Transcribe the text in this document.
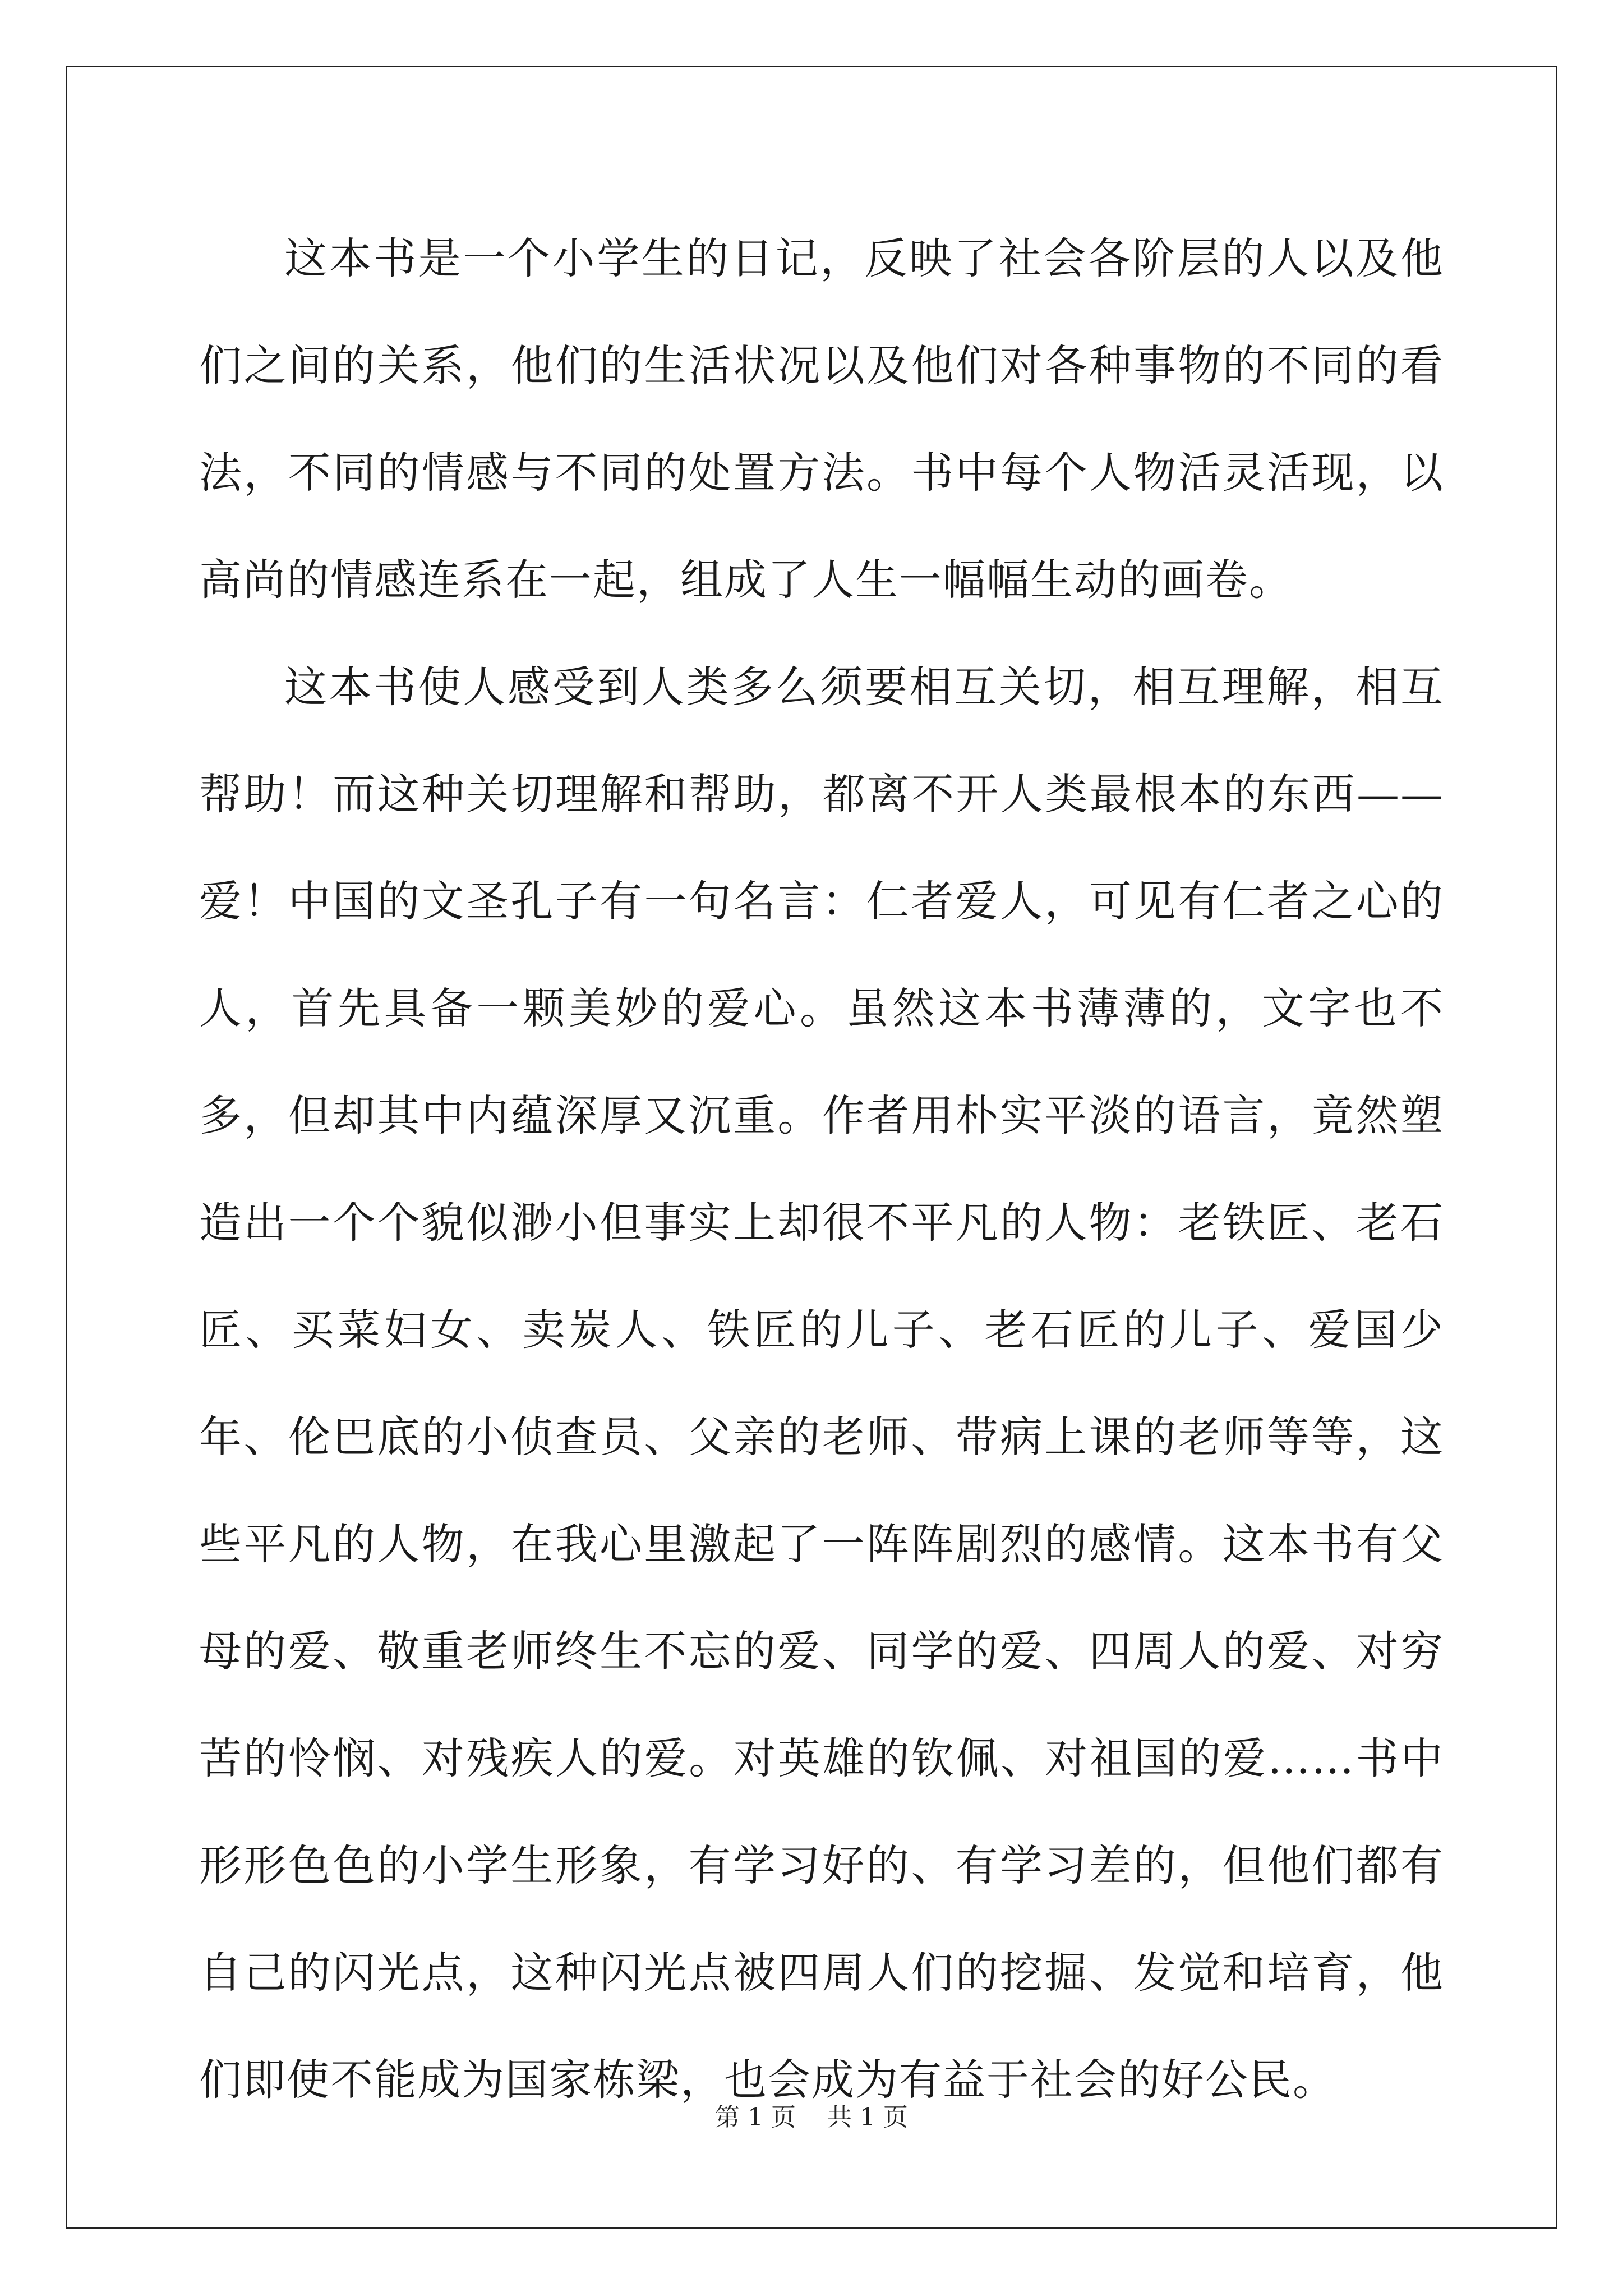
这本书是一个小学生的日记，反映了社会各阶层的人以及他们之间的关系，他们的生活状况以及他们对各种事物的不同的看法，不同的情感与不同的处置方法。书中每个人物活灵活现，以高尚的情感连系在一起，组成了人生一幅幅生动的画卷。

这本书使人感受到人类多么须要相互关切，相互理解，相互帮助！而这种关切理解和帮助，都离不开人类最根本的东西——爱！中国的文圣孔子有一句名言：仁者爱人，可见有仁者之心的人，首先具备一颗美妙的爱心。虽然这本书薄薄的，文字也不多，但却其中内蕴深厚又沉重。作者用朴实平淡的语言，竟然塑造出一个个貌似渺小但事实上却很不平凡的人物：老铁匠、老石匠、买菜妇女、卖炭人、铁匠的儿子、老石匠的儿子、爱国少年、伦巴底的小侦查员、父亲的老师、带病上课的老师等等，这些平凡的人物，在我心里激起了一阵阵剧烈的感情。这本书有父母的爱、敬重老师终生不忘的爱、同学的爱、四周人的爱、对穷苦的怜悯、对残疾人的爱。对英雄的钦佩、对祖国的爱……书中形形色色的小学生形象，有学习好的、有学习差的，但他们都有自己的闪光点，这种闪光点被四周人们的挖掘、发觉和培育，他们即使不能成为国家栋梁，也会成为有益于社会的好公民。

第 1 页    共 1 页
